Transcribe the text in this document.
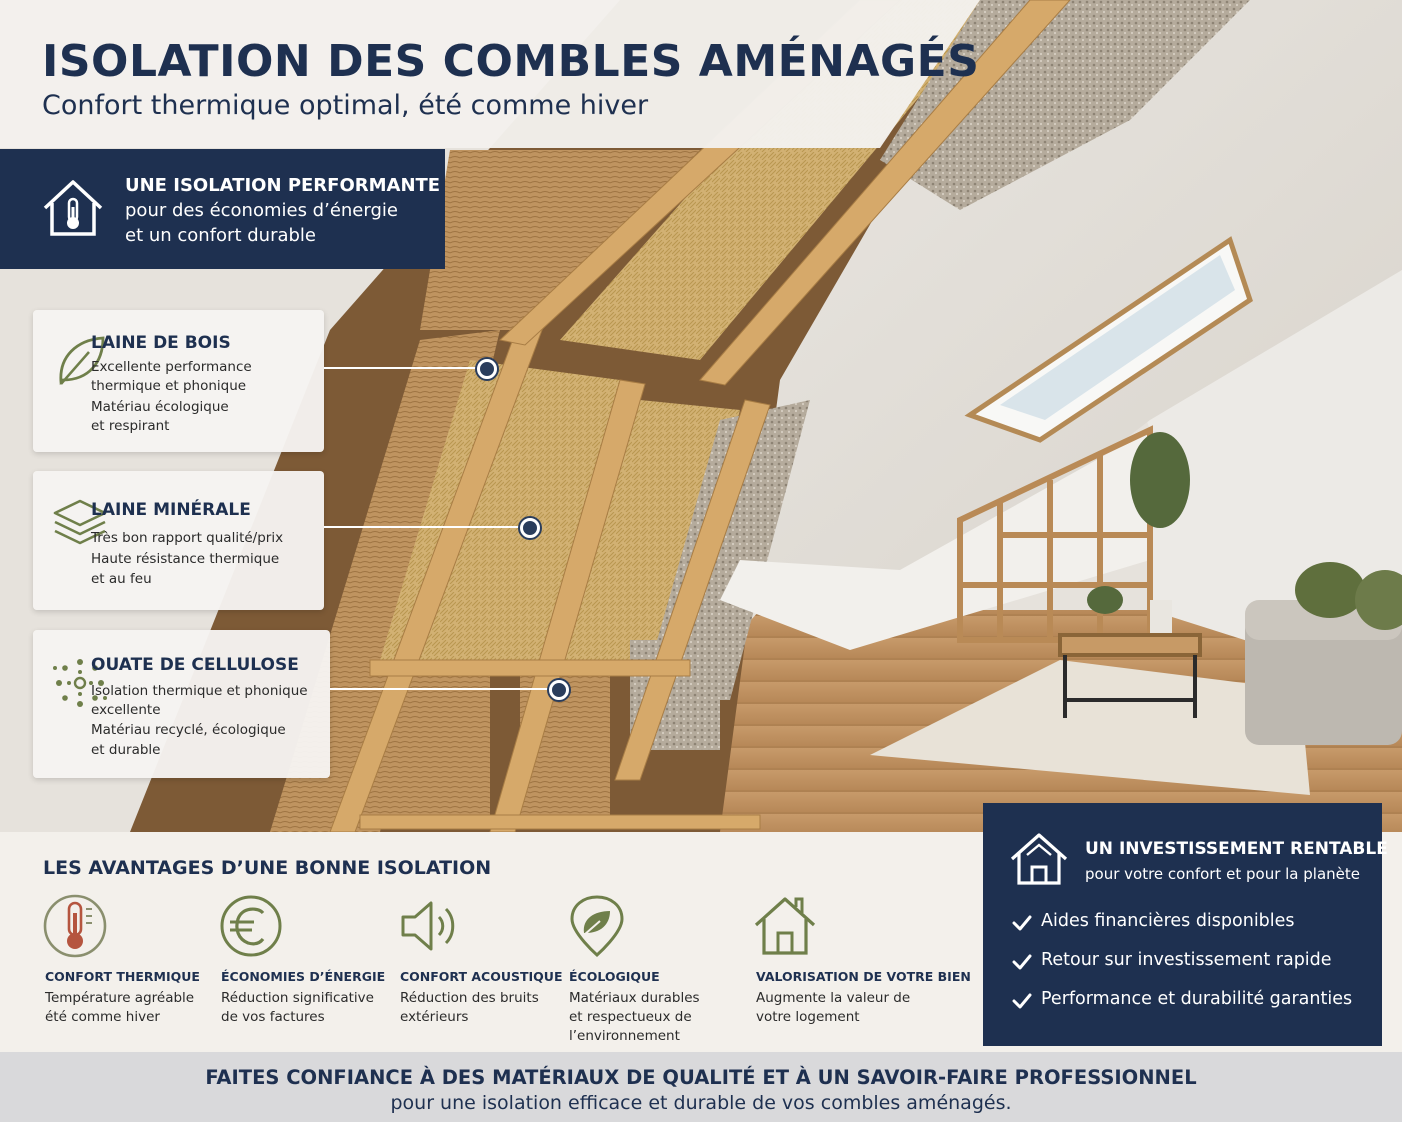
ISOLATION DES COMBLES AMÉNAGÉS

Confort thermique optimal, été comme hiver

UNE ISOLATION PERFORMANTE
pour des économies d’énergie
et un confort durable
LAINE DE BOIS
Excellente performance
thermique et phonique
Matériau écologique
et respirant
LAINE MINÉRALE
Très bon rapport qualité/prix
Haute résistance thermique
et au feu
OUATE DE CELLULOSE
Isolation thermique et phonique
excellente
Matériau recyclé, écologique
et durable
LES AVANTAGES D’UNE BONNE ISOLATION
CONFORT THERMIQUE
Température agréable
été comme hiver
ÉCONOMIES D’ÉNERGIE
Réduction significative
de vos factures
CONFORT ACOUSTIQUE
Réduction des bruits
extérieurs
ÉCOLOGIQUE
Matériaux durables
et respectueux de
l’environnement
VALORISATION DE VOTRE BIEN
Augmente la valeur de
votre logement
UN INVESTISSEMENT RENTABLE
pour votre confort et pour la planète
Aides financières disponibles
Retour sur investissement rapide
Performance et durabilité garanties
FAITES CONFIANCE À DES MATÉRIAUX DE QUALITÉ ET À UN SAVOIR-FAIRE PROFESSIONNEL
pour une isolation efficace et durable de vos combles aménagés.
